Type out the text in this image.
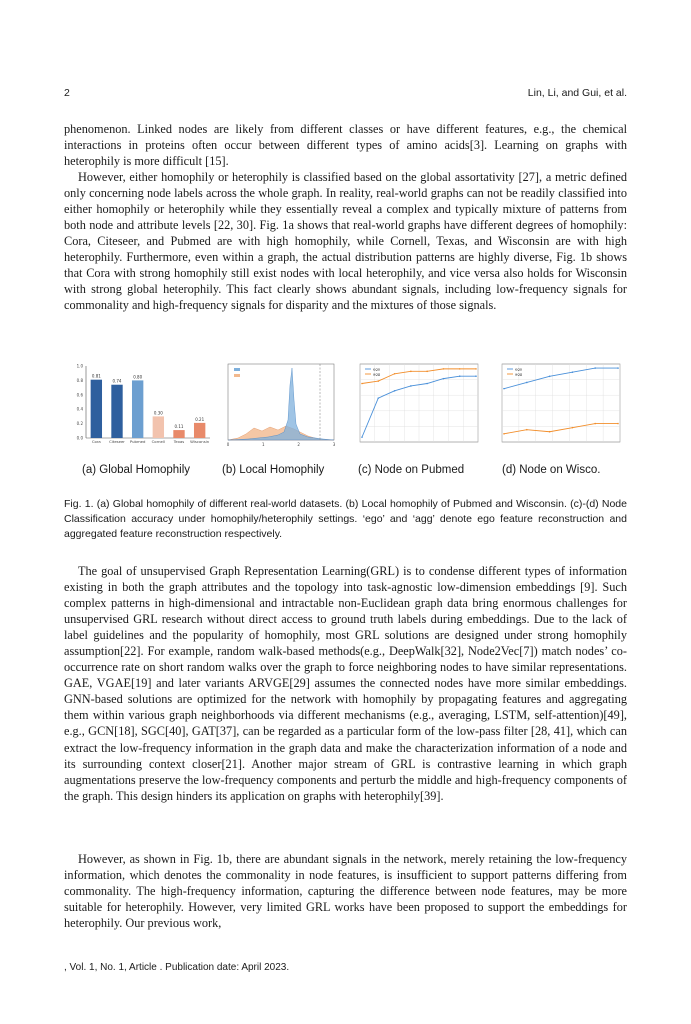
2	Lin, Li, and Gui, et al.

phenomenon. Linked nodes are likely from different classes or have different features, e.g., the chemical interactions in proteins often occur between different types of amino acids[3]. Learning on graphs with heterophily is more difficult [15].

However, either homophily or heterophily is classified based on the global assortativity [27], a metric defined only concerning node labels across the whole graph. In reality, real-world graphs can not be readily classified into either homophily or heterophily while they essentially reveal a complex and typically mixture of patterns from both node and attribute levels [22, 30]. Fig. 1a shows that real-world graphs have different degrees of homophily: Cora, Citeseer, and Pubmed are with high homophily, while Cornell, Texas, and Wisconsin are with high heterophily. Furthermore, even within a graph, the actual distribution patterns are highly diverse, Fig. 1b shows that Cora with strong homophily still exist nodes with local heterophily, and vice versa also holds for Wisconsin with strong global heterophily. This fact clearly shows abundant signals, including low-frequency signals for commonality and high-frequency signals for disparity and the mixtures of those signals.

0.0
0.2
0.4
0.6
0.8
1.0
0.81
Cora
0.74
Citeseer
0.80
Pubmed
0.30
Cornell
0.11
Texas
0.21
Wisconsin
0	1	2	3
ego
agg
ego
agg
(a) Global Homophily	(b) Local Homophily	(c) Node on Pubmed	(d) Node on Wisco.

Fig. 1. (a) Global homophily of different real-world datasets. (b) Local homophily of Pubmed and Wisconsin. (c)-(d) Node Classification accuracy under homophily/heterophily settings. ‘ego’ and ‘agg’ denote ego feature reconstruction and aggregated feature reconstruction respectively.

The goal of unsupervised Graph Representation Learning(GRL) is to condense different types of information existing in both the graph attributes and the topology into task-agnostic low-dimension embeddings [9]. Such complex patterns in high-dimensional and intractable non-Euclidean graph data bring enormous challenges for unsupervised GRL research without direct access to ground truth labels during embeddings. Due to the lack of label guidelines and the popularity of homophily, most GRL solutions are designed under strong homophily assumption[22]. For example, random walk-based methods(e.g., DeepWalk[32], Node2Vec[7]) match nodes’ co-occurrence rate on short random walks over the graph to force neighboring nodes to have similar representations. GAE, VGAE[19] and later variants ARVGE[29] assumes the connected nodes have more similar embeddings. GNN-based solutions are optimized for the network with homophily by propagating features and aggregating them within various graph neighborhoods via different mechanisms (e.g., averaging, LSTM, self-attention)[49], e.g., GCN[18], SGC[40], GAT[37], can be regarded as a particular form of the low-pass filter [28, 41], which can extract the low-frequency information in the graph data and make the characterization information of a node and its surrounding context closer[21]. Another major stream of GRL is contrastive learning in which graph augmentations preserve the low-frequency components and perturb the middle and high-frequency components of the graph. This design hinders its application on graphs with heterophily[39].

However, as shown in Fig. 1b, there are abundant signals in the network, merely retaining the low-frequency information, which denotes the commonality in node features, is insufficient to support patterns differing from commonality. The high-frequency information, capturing the difference between node features, may be more suitable for heterophily. However, very limited GRL works have been proposed to support the embeddings for heterophily. Our previous work,

, Vol. 1, No. 1, Article . Publication date: April 2023.
